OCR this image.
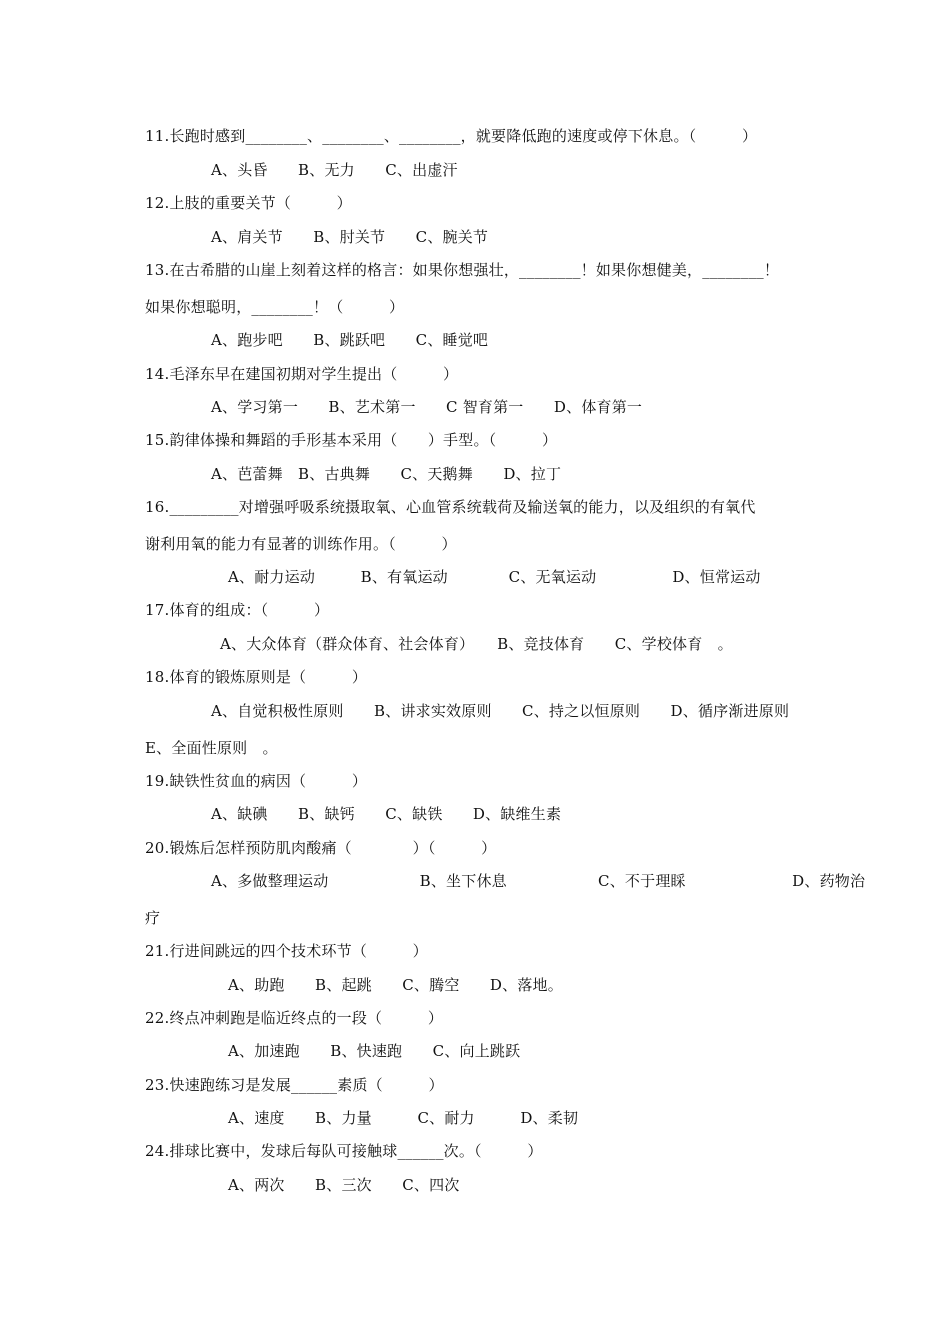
11.长跑时感到________、________、________，就要降低跑的速度或停下休息。（　　　）
A、头昏　　B、无力　　C、出虚汗
12.上肢的重要关节（　　　）
A、肩关节　　B、肘关节　　C、腕关节
13.在古希腊的山崖上刻着这样的格言：如果你想强壮，________！如果你想健美，________！
如果你想聪明，________！（　　　）
A、跑步吧　　B、跳跃吧　　C、睡觉吧
14.毛泽东早在建国初期对学生提出（　　　）
A、学习第一　　B、艺术第一　　C 智育第一　　D、体育第一
15.韵律体操和舞蹈的手形基本采用（　　）手型。（　　　）
A、芭蕾舞　B、古典舞　　C、天鹅舞　　D、拉丁
16._________对增强呼吸系统摄取氧、心血管系统载荷及输送氧的能力，以及组织的有氧代
谢利用氧的能力有显著的训练作用。（　　　）
A、耐力运动　　　B、有氧运动　　　　C、无氧运动　　　　　D、恒常运动
17.体育的组成：（　　　）
A、大众体育（群众体育、社会体育）　　B、竞技体育　　C、学校体育　。
18.体育的锻炼原则是（　　　）
A、自觉积极性原则　　B、讲求实效原则　　C、持之以恒原则　　D、循序渐进原则
E、全面性原则　。
19.缺铁性贫血的病因（　　　）
A、缺碘　　B、缺钙　　C、缺铁　　D、缺维生素
20.锻炼后怎样预防肌肉酸痛（　　　　）（　　　）
A、多做整理运动　　　　　　B、坐下休息　　　　　　C、不于理睬　　　　　　　D、药物治
疗
21.行进间跳远的四个技术环节（　　　）
A、助跑　　B、起跳　　C、腾空　　D、落地。
22.终点冲刺跑是临近终点的一段（　　　）
A、加速跑　　B、快速跑　　C、向上跳跃
23.快速跑练习是发展______素质（　　　）
A、速度　　B、力量　　　C、耐力　　　D、柔韧
24.排球比赛中，发球后每队可接触球______次。（　　　）
A、两次　　B、三次　　C、四次
